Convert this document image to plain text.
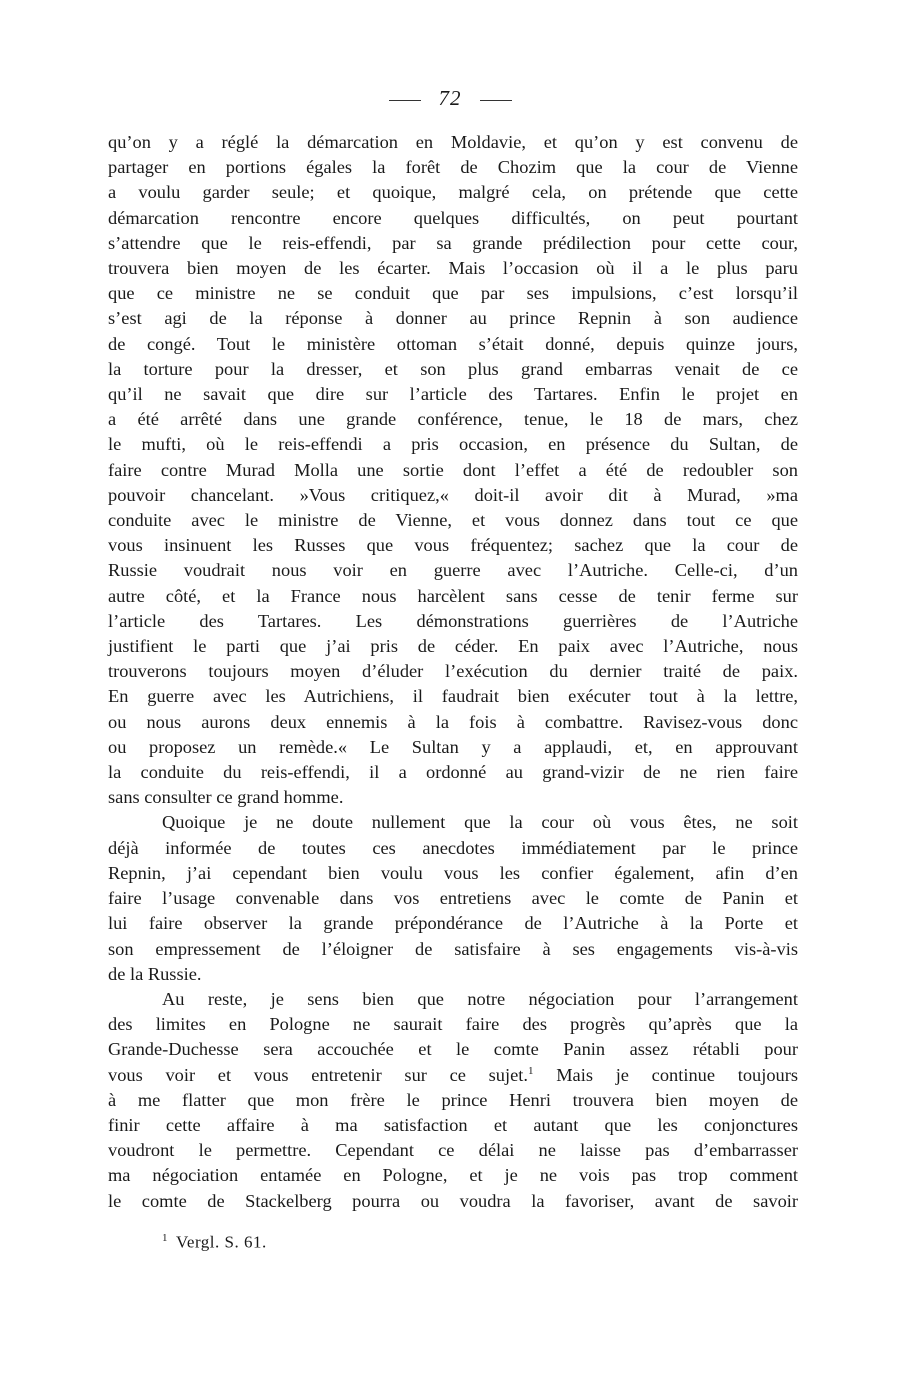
72

qu’on y a réglé la démarcation en Moldavie, et qu’on y est convenu de

partager en portions égales la forêt de Chozim que la cour de Vienne

a voulu garder seule; et quoique, malgré cela, on prétende que cette

démarcation rencontre encore quelques difficultés, on peut pourtant

s’attendre que le reis-effendi, par sa grande prédilection pour cette cour,

trouvera bien moyen de les écarter. Mais l’occasion où il a le plus paru

que ce ministre ne se conduit que par ses impulsions, c’est lorsqu’il

s’est agi de la réponse à donner au prince Repnin à son audience

de congé. Tout le ministère ottoman s’était donné, depuis quinze jours,

la torture pour la dresser, et son plus grand embarras venait de ce

qu’il ne savait que dire sur l’article des Tartares. Enfin le projet en

a été arrêté dans une grande conférence, tenue, le 18 de mars, chez

le mufti, où le reis-effendi a pris occasion, en présence du Sultan, de

faire contre Murad Molla une sortie dont l’effet a été de redoubler son

pouvoir chancelant. »Vous critiquez,« doit-il avoir dit à Murad, »ma

conduite avec le ministre de Vienne, et vous donnez dans tout ce que

vous insinuent les Russes que vous fréquentez; sachez que la cour de

Russie voudrait nous voir en guerre avec l’Autriche. Celle-ci, d’un

autre côté, et la France nous harcèlent sans cesse de tenir ferme sur

l’article des Tartares. Les démonstrations guerrières de l’Autriche

justifient le parti que j’ai pris de céder. En paix avec l’Autriche, nous

trouverons toujours moyen d’éluder l’exécution du dernier traité de paix.

En guerre avec les Autrichiens, il faudrait bien exécuter tout à la lettre,

ou nous aurons deux ennemis à la fois à combattre. Ravisez-vous donc

ou proposez un remède.« Le Sultan y a applaudi, et, en approuvant

la conduite du reis-effendi, il a ordonné au grand-vizir de ne rien faire

sans consulter ce grand homme.

Quoique je ne doute nullement que la cour où vous êtes, ne soit

déjà informée de toutes ces anecdotes immédiatement par le prince

Repnin, j’ai cependant bien voulu vous les confier également, afin d’en

faire l’usage convenable dans vos entretiens avec le comte de Panin et

lui faire observer la grande prépondérance de l’Autriche à la Porte et

son empressement de l’éloigner de satisfaire à ses engagements vis-à-vis

de la Russie.

Au reste, je sens bien que notre négociation pour l’arrangement

des limites en Pologne ne saurait faire des progrès qu’après que la

Grande-Duchesse sera accouchée et le comte Panin assez rétabli pour

vous voir et vous entretenir sur ce sujet.$^1$ Mais je continue toujours

à me flatter que mon frère le prince Henri trouvera bien moyen de

finir cette affaire à ma satisfaction et autant que les conjonctures

voudront le permettre. Cependant ce délai ne laisse pas d’embarrasser

ma négociation entamée en Pologne, et je ne vois pas trop comment

le comte de Stackelberg pourra ou voudra la favoriser, avant de savoir

$^1$ Vergl. S. 61.
